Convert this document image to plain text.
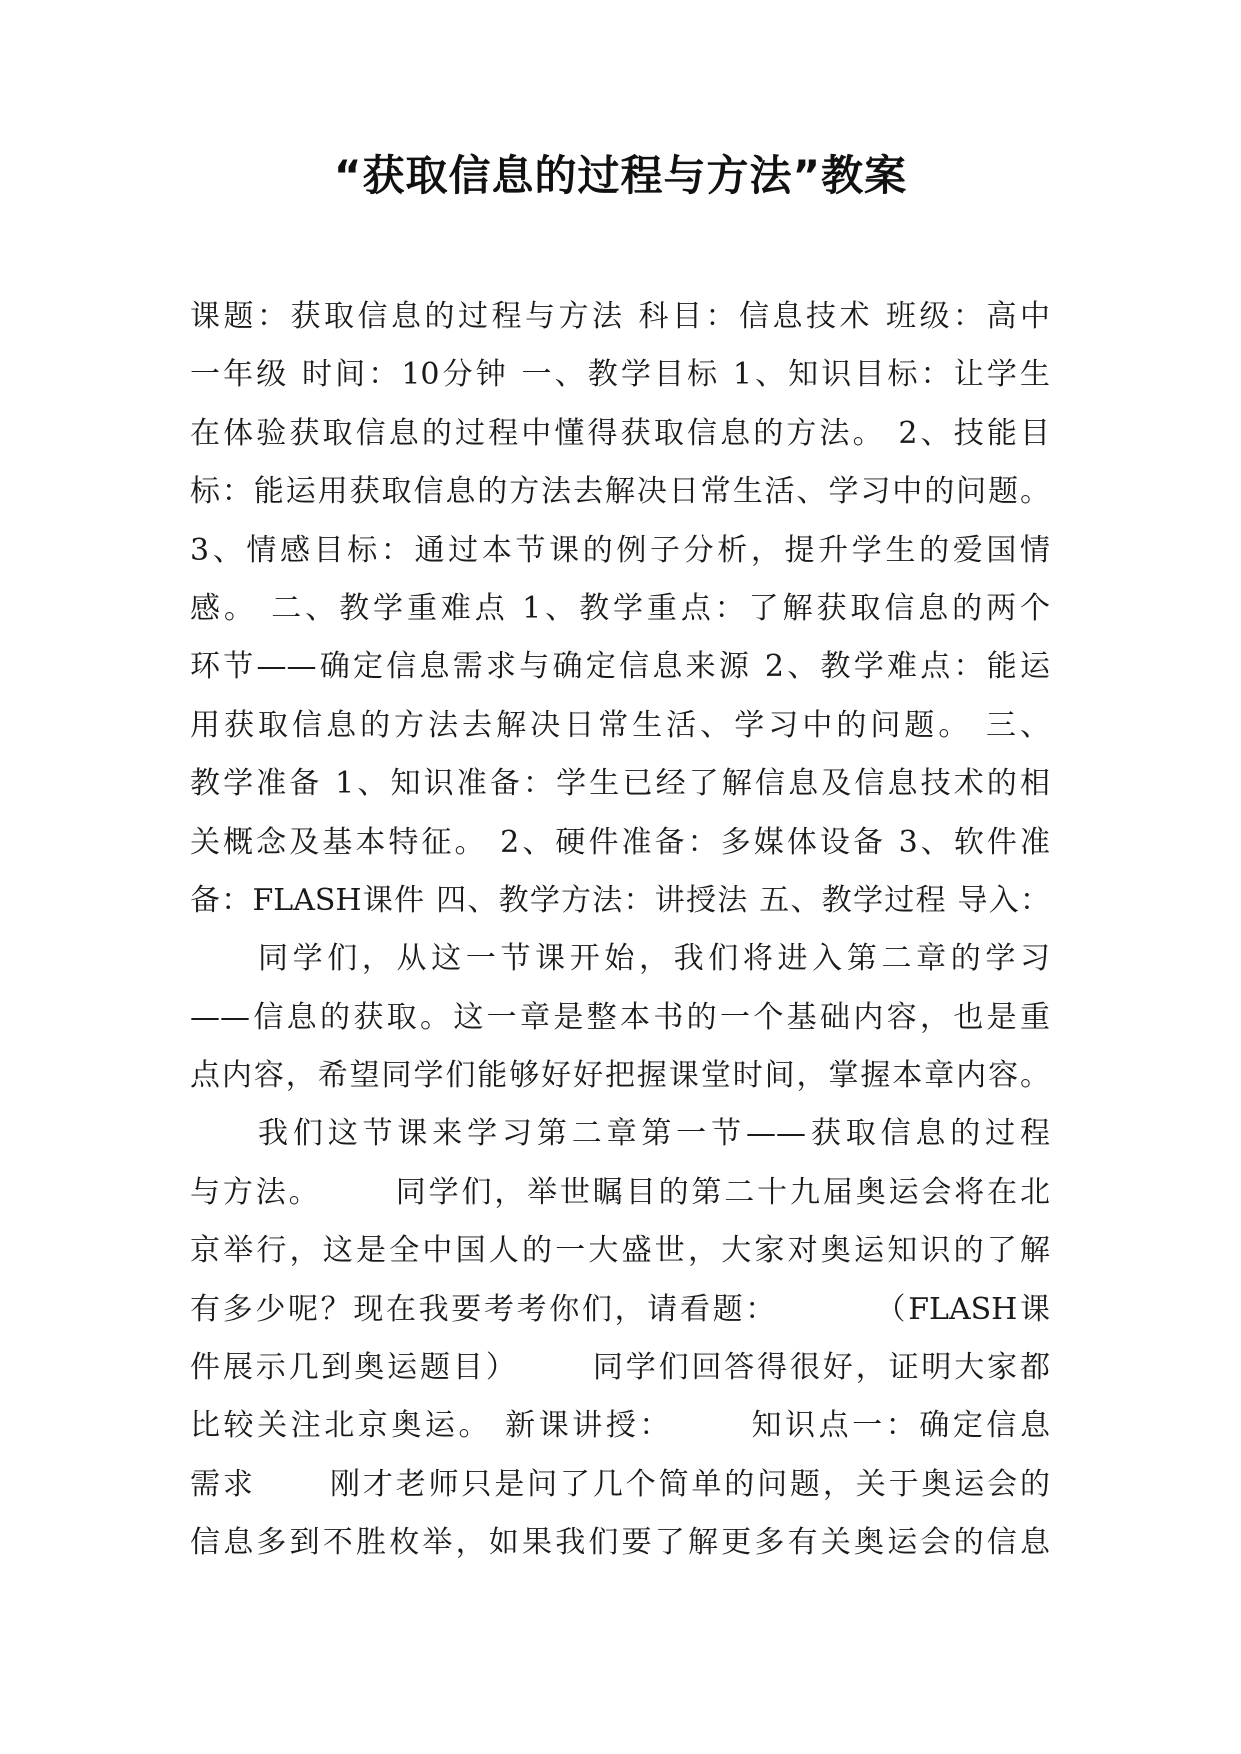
“获取信息的过程与方法”教案
课题：获取信息的过程与方法 科目：信息技术 班级：高中
一年级 时间：10分钟 一、教学目标 1、知识目标：让学生
在体验获取信息的过程中懂得获取信息的方法。 2、技能目
标：能运用获取信息的方法去解决日常生活、学习中的问题。
3、情感目标：通过本节课的例子分析，提升学生的爱国情
感。 二、教学重难点 1、教学重点：了解获取信息的两个
环节——确定信息需求与确定信息来源 2、教学难点：能运
用获取信息的方法去解决日常生活、学习中的问题。 三、
教学准备 1、知识准备：学生已经了解信息及信息技术的相
关概念及基本特征。 2、硬件准备：多媒体设备 3、软件准
备：FLASH课件 四、教学方法：讲授法 五、教学过程 导入：
同学们，从这一节课开始，我们将进入第二章的学习
——信息的获取。这一章是整本书的一个基础内容，也是重
点内容，希望同学们能够好好把握课堂时间，掌握本章内容。
我们这节课来学习第二章第一节——获取信息的过程
与方法。      同学们，举世瞩目的第二十九届奥运会将在北
京举行，这是全中国人的一大盛世，大家对奥运知识的了解
有多少呢？现在我要考考你们，请看题：        （FLASH课
件展示几到奥运题目）      同学们回答得很好，证明大家都
比较关注北京奥运。 新课讲授：      知识点一：确定信息
需求      刚才老师只是问了几个简单的问题，关于奥运会的
信息多到不胜枚举，如果我们要了解更多有关奥运会的信息
